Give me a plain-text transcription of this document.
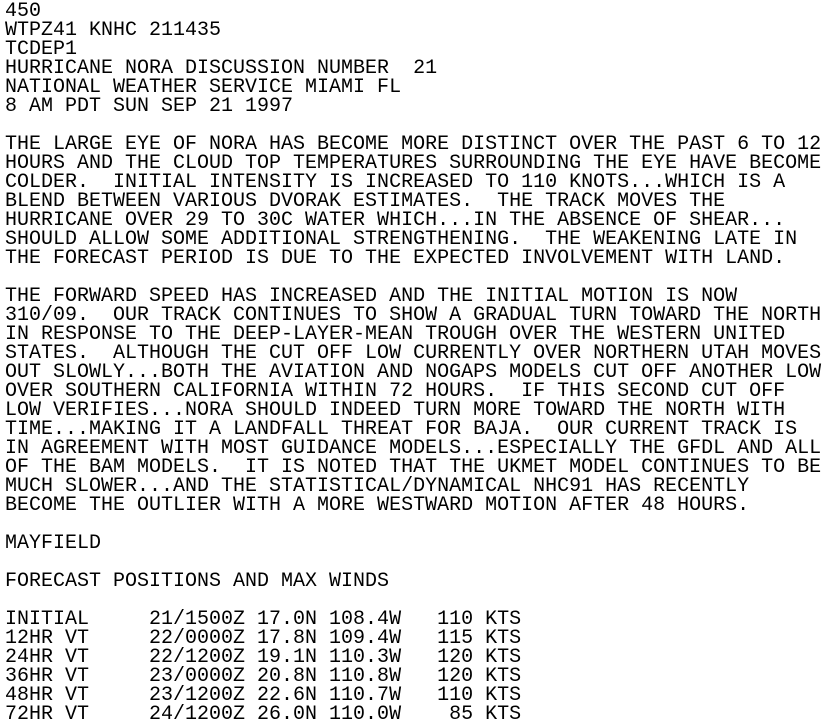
450
WTPZ41 KNHC 211435
TCDEP1
HURRICANE NORA DISCUSSION NUMBER  21
NATIONAL WEATHER SERVICE MIAMI FL
8 AM PDT SUN SEP 21 1997

THE LARGE EYE OF NORA HAS BECOME MORE DISTINCT OVER THE PAST 6 TO 12
HOURS AND THE CLOUD TOP TEMPERATURES SURROUNDING THE EYE HAVE BECOME
COLDER.  INITIAL INTENSITY IS INCREASED TO 110 KNOTS...WHICH IS A
BLEND BETWEEN VARIOUS DVORAK ESTIMATES.  THE TRACK MOVES THE
HURRICANE OVER 29 TO 30C WATER WHICH...IN THE ABSENCE OF SHEAR...
SHOULD ALLOW SOME ADDITIONAL STRENGTHENING.  THE WEAKENING LATE IN
THE FORECAST PERIOD IS DUE TO THE EXPECTED INVOLVEMENT WITH LAND.

THE FORWARD SPEED HAS INCREASED AND THE INITIAL MOTION IS NOW
310/09.  OUR TRACK CONTINUES TO SHOW A GRADUAL TURN TOWARD THE NORTH
IN RESPONSE TO THE DEEP-LAYER-MEAN TROUGH OVER THE WESTERN UNITED
STATES.  ALTHOUGH THE CUT OFF LOW CURRENTLY OVER NORTHERN UTAH MOVES
OUT SLOWLY...BOTH THE AVIATION AND NOGAPS MODELS CUT OFF ANOTHER LOW
OVER SOUTHERN CALIFORNIA WITHIN 72 HOURS.  IF THIS SECOND CUT OFF
LOW VERIFIES...NORA SHOULD INDEED TURN MORE TOWARD THE NORTH WITH
TIME...MAKING IT A LANDFALL THREAT FOR BAJA.  OUR CURRENT TRACK IS
IN AGREEMENT WITH MOST GUIDANCE MODELS...ESPECIALLY THE GFDL AND ALL
OF THE BAM MODELS.  IT IS NOTED THAT THE UKMET MODEL CONTINUES TO BE
MUCH SLOWER...AND THE STATISTICAL/DYNAMICAL NHC91 HAS RECENTLY
BECOME THE OUTLIER WITH A MORE WESTWARD MOTION AFTER 48 HOURS.

MAYFIELD

FORECAST POSITIONS AND MAX WINDS

INITIAL     21/1500Z 17.0N 108.4W   110 KTS
12HR VT     22/0000Z 17.8N 109.4W   115 KTS
24HR VT     22/1200Z 19.1N 110.3W   120 KTS
36HR VT     23/0000Z 20.8N 110.8W   120 KTS
48HR VT     23/1200Z 22.6N 110.7W   110 KTS
72HR VT     24/1200Z 26.0N 110.0W    85 KTS
